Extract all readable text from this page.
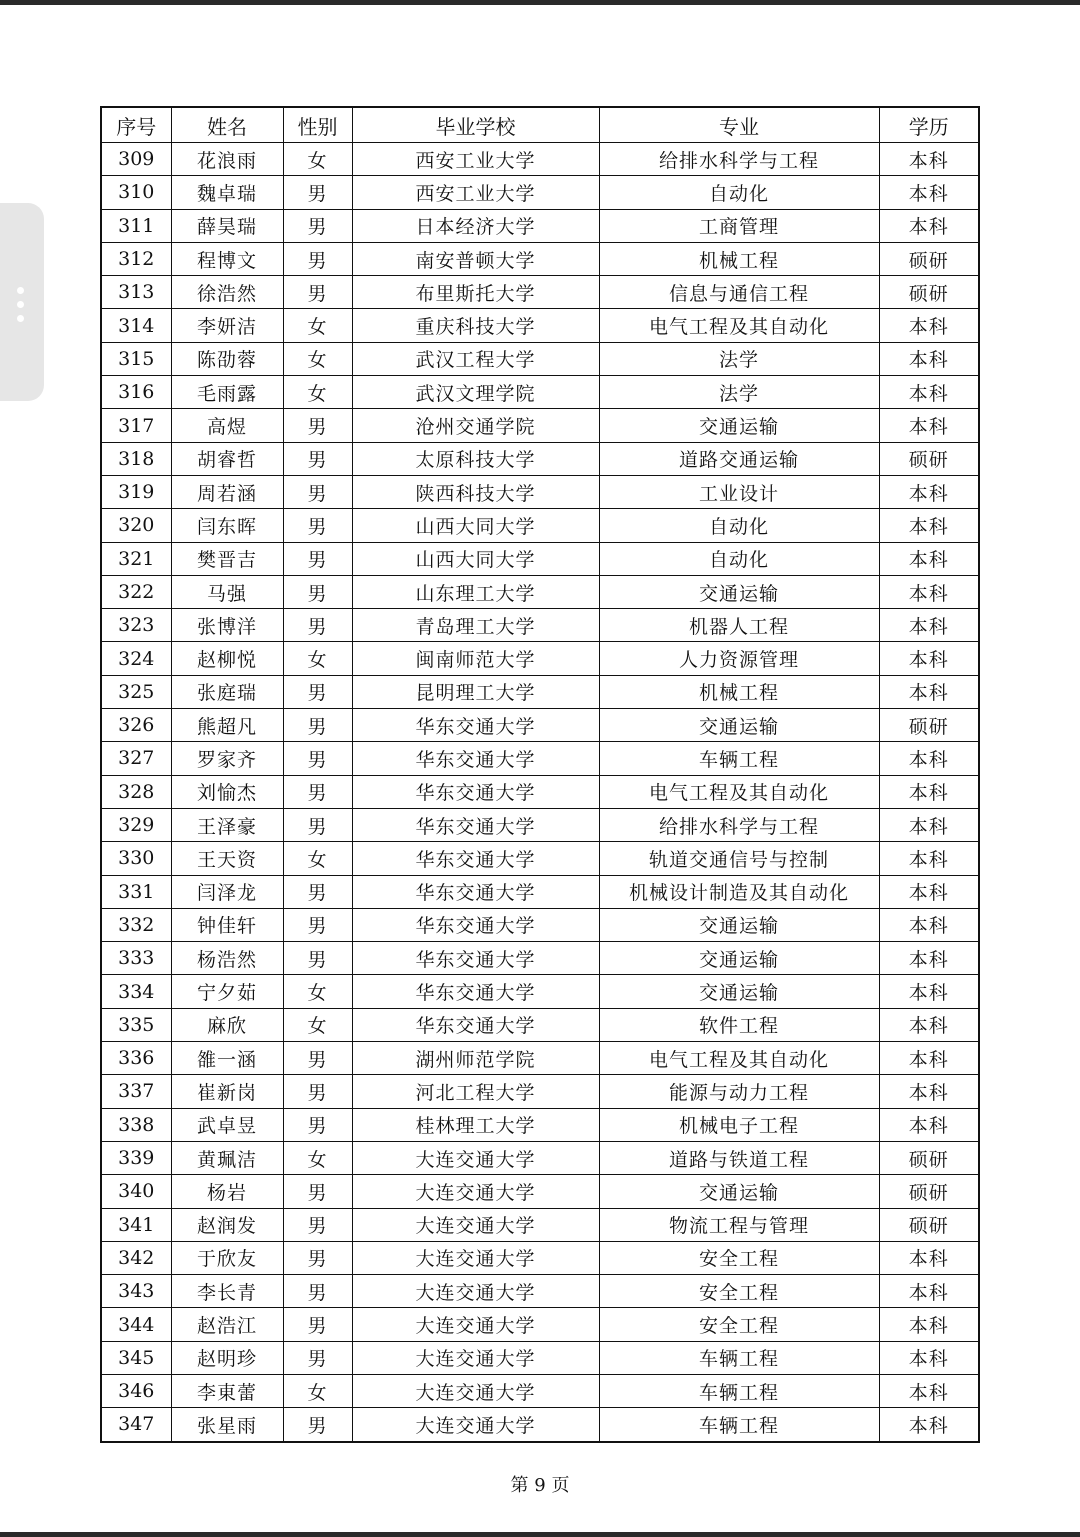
序号	姓名	性别	毕业学校	专业	学历
309	花浪雨	女	西安工业大学	给排水科学与工程	本科
310	魏卓瑞	男	西安工业大学	自动化	本科
311	薛昊瑞	男	日本经济大学	工商管理	本科
312	程博文	男	南安普顿大学	机械工程	硕研
313	徐浩然	男	布里斯托大学	信息与通信工程	硕研
314	李妍洁	女	重庆科技大学	电气工程及其自动化	本科
315	陈劭蓉	女	武汉工程大学	法学	本科
316	毛雨露	女	武汉文理学院	法学	本科
317	高煜	男	沧州交通学院	交通运输	本科
318	胡睿哲	男	太原科技大学	道路交通运输	硕研
319	周若涵	男	陕西科技大学	工业设计	本科
320	闫东晖	男	山西大同大学	自动化	本科
321	樊晋吉	男	山西大同大学	自动化	本科
322	马强	男	山东理工大学	交通运输	本科
323	张博洋	男	青岛理工大学	机器人工程	本科
324	赵柳悦	女	闽南师范大学	人力资源管理	本科
325	张庭瑞	男	昆明理工大学	机械工程	本科
326	熊超凡	男	华东交通大学	交通运输	硕研
327	罗家齐	男	华东交通大学	车辆工程	本科
328	刘愉杰	男	华东交通大学	电气工程及其自动化	本科
329	王泽豪	男	华东交通大学	给排水科学与工程	本科
330	王天资	女	华东交通大学	轨道交通信号与控制	本科
331	闫泽龙	男	华东交通大学	机械设计制造及其自动化	本科
332	钟佳轩	男	华东交通大学	交通运输	本科
333	杨浩然	男	华东交通大学	交通运输	本科
334	宁夕茹	女	华东交通大学	交通运输	本科
335	麻欣	女	华东交通大学	软件工程	本科
336	雒一涵	男	湖州师范学院	电气工程及其自动化	本科
337	崔新岗	男	河北工程大学	能源与动力工程	本科
338	武卓昱	男	桂林理工大学	机械电子工程	本科
339	黄珮洁	女	大连交通大学	道路与铁道工程	硕研
340	杨岩	男	大连交通大学	交通运输	硕研
341	赵润发	男	大连交通大学	物流工程与管理	硕研
342	于欣友	男	大连交通大学	安全工程	本科
343	李长青	男	大连交通大学	安全工程	本科
344	赵浩江	男	大连交通大学	安全工程	本科
345	赵明珍	男	大连交通大学	车辆工程	本科
346	李東蕾	女	大连交通大学	车辆工程	本科
347	张星雨	男	大连交通大学	车辆工程	本科
第 9 页
